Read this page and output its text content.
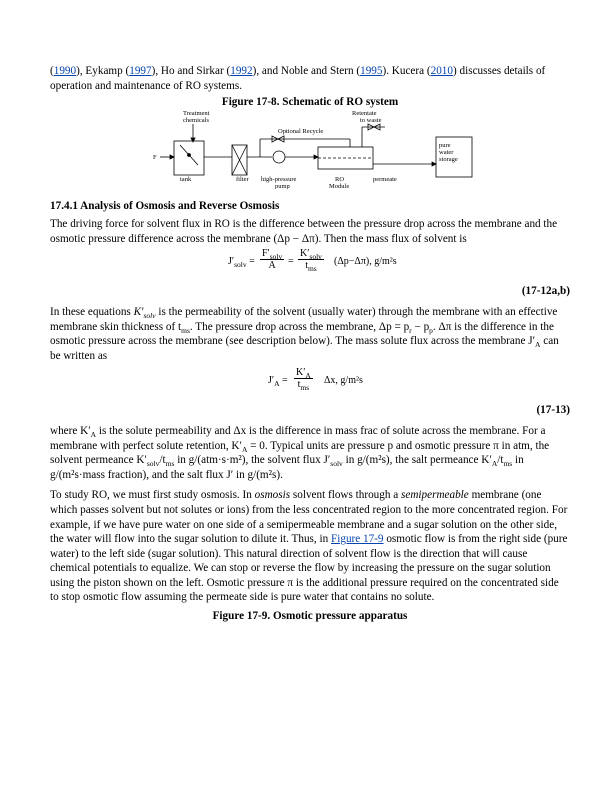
(1990), Eykamp (1997), Ho and Sirkar (1992), and Noble and Stern (1995). Kucera (2010) discusses details of operation and maintenance of RO systems.

Figure 17-8. Schematic of RO system

Treatment
chemicals
Optional Recycle
Retentate
to waste
F
tank	filter high-pressure
pump
RO
Module
permeate
pure
water
storage

17.4.1 Analysis of Osmosis and Reverse Osmosis

The driving force for solvent flux in RO is the difference between the pressure drop across the membrane and the osmotic pressure difference across the membrane (Δp − Δπ). Then the mass flux of solvent is

$J'_{solv}$ =
$F'_{solv}$
A	=
$K'_{solv}$
$t_{ms}$
(Δp−Δπ), g/m²s

(17-12a,b)

In these equations $K'_{solv}$ is the permeability of the solvent (usually water) through the membrane with an effective membrane skin thickness of $t_{ms}$. The pressure drop across the membrane, $\Delta p = p_r - p_p$. Δπ is the difference in the osmotic pressure across the membrane (see description below). The mass solute flux across the membrane $J'_A$ can be written as

$J'_A$ =
$K'_A$
$t_{ms}$
Δx, g/m²s

(17-13)

where $K'_A$ is the solute permeability and Δx is the difference in mass frac of solute across the membrane. For a membrane with perfect solute retention, $K'_A = 0$. Typical units are pressure p and osmotic pressure π in atm, the solvent permeance $K'_{solv}/t_{ms}$ in g/(atm·s·m²), the solvent flux $J'_{solv}$ in g/(m²s), the salt permeance $K'_A/t_{ms}$ in g/(m²s·mass fraction), and the salt flux J′ in g/(m²s).

To study RO, we must first study osmosis. In osmosis solvent flows through a semipermeable membrane (one which passes solvent but not solutes or ions) from the less concentrated region to the more concentrated region. For example, if we have pure water on one side of a semipermeable membrane and a sugar solution on the other side, the water will flow into the sugar solution to dilute it. Thus, in Figure 17-9 osmotic flow is from the right side (pure water) to the left side (sugar solution). This natural direction of solvent flow is the direction that will cause chemical potentials to equalize. We can stop or reverse the flow by increasing the pressure on the sugar solution using the piston shown on the left. Osmotic pressure π is the additional pressure required on the concentrated side to stop osmotic flow assuming the permeate side is pure water that contains no solute.

Figure 17-9. Osmotic pressure apparatus
